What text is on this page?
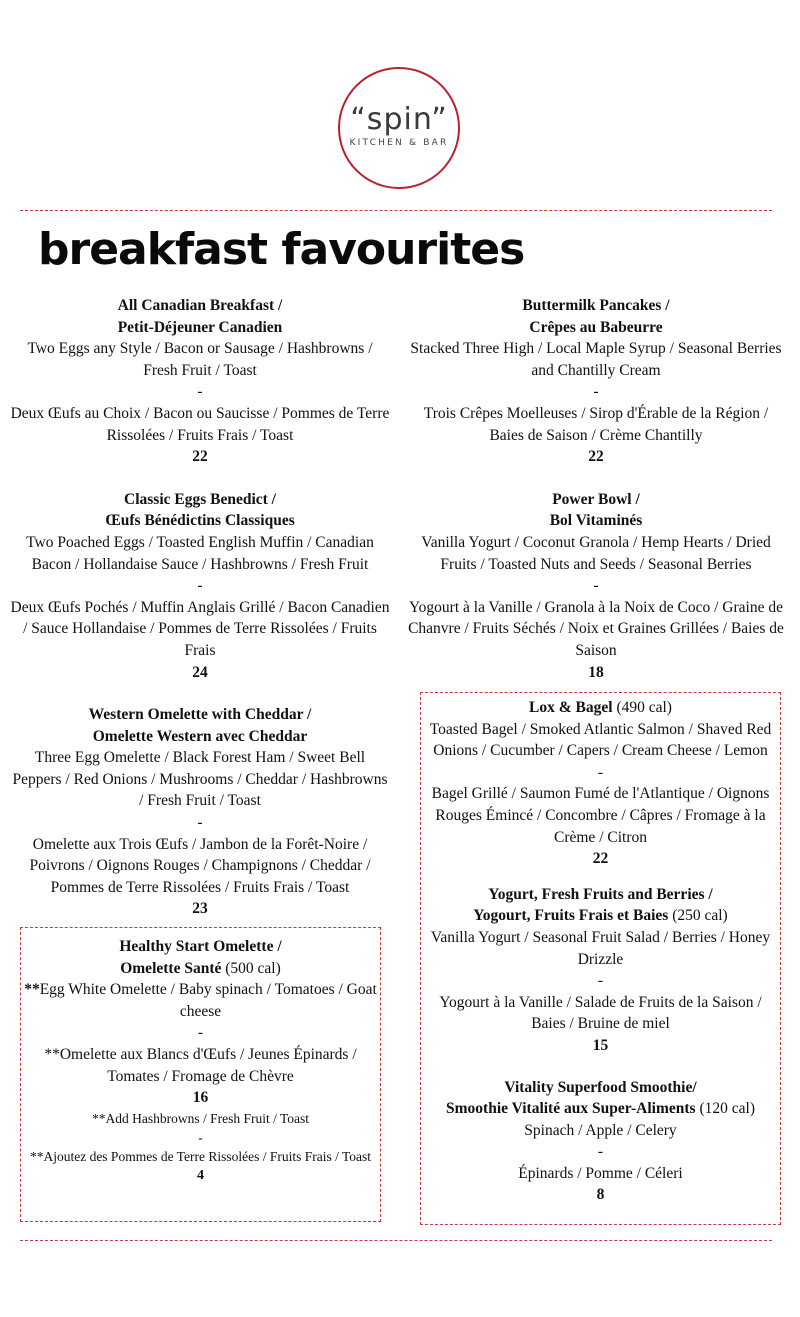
“spin”
KITCHEN & BAR
breakfast favourites
All Canadian Breakfast /
Petit-Déjeuner Canadien
Two Eggs any Style / Bacon or Sausage / Hashbrowns / Fresh Fruit / Toast
-
Deux Œufs au Choix / Bacon ou Saucisse / Pommes de Terre Rissolées / Fruits Frais / Toast
22
Classic Eggs Benedict /
Œufs Bénédictins Classiques
Two Poached Eggs / Toasted English Muffin / Canadian Bacon / Hollandaise Sauce / Hashbrowns / Fresh Fruit
-
Deux Œufs Pochés / Muffin Anglais Grillé / Bacon Canadien / Sauce Hollandaise / Pommes de Terre Rissolées / Fruits Frais
24
Western Omelette with Cheddar /
Omelette Western avec Cheddar
Three Egg Omelette / Black Forest Ham / Sweet Bell Peppers / Red Onions / Mushrooms / Cheddar / Hashbrowns / Fresh Fruit / Toast
-
Omelette aux Trois Œufs / Jambon de la Forêt-Noire / Poivrons / Oignons Rouges / Champignons / Cheddar / Pommes de Terre Rissolées / Fruits Frais / Toast
23
Healthy Start Omelette /
Omelette Santé (500 cal)
**Egg White Omelette / Baby spinach / Tomatoes / Goat cheese
-
**Omelette aux Blancs d'Œufs / Jeunes Épinards / Tomates / Fromage de Chèvre
16
**Add Hashbrowns / Fresh Fruit / Toast
-
**Ajoutez des Pommes de Terre Rissolées / Fruits Frais / Toast
4
Buttermilk Pancakes /
Crêpes au Babeurre
Stacked Three High / Local Maple Syrup / Seasonal Berries and Chantilly Cream
-
Trois Crêpes Moelleuses / Sirop d'Érable de la Région / Baies de Saison / Crème Chantilly
22
Power Bowl /
Bol Vitaminés
Vanilla Yogurt / Coconut Granola / Hemp Hearts / Dried Fruits / Toasted Nuts and Seeds / Seasonal Berries
-
Yogourt à la Vanille / Granola à la Noix de Coco / Graine de Chanvre / Fruits Séchés / Noix et Graines Grillées / Baies de Saison
18
Lox & Bagel (490 cal)
Toasted Bagel / Smoked Atlantic Salmon / Shaved Red Onions / Cucumber / Capers / Cream Cheese / Lemon
-
Bagel Grillé / Saumon Fumé de l'Atlantique / Oignons Rouges Émincé / Concombre / Câpres / Fromage à la Crème / Citron
22
Yogurt, Fresh Fruits and Berries /
Yogourt, Fruits Frais et Baies (250 cal)
Vanilla Yogurt / Seasonal Fruit Salad / Berries / Honey Drizzle
-
Yogourt à la Vanille / Salade de Fruits de la Saison / Baies / Bruine de miel
15
Vitality Superfood Smoothie/
Smoothie Vitalité aux Super-Aliments (120 cal)
Spinach / Apple / Celery
-
Épinards / Pomme / Céleri
8
